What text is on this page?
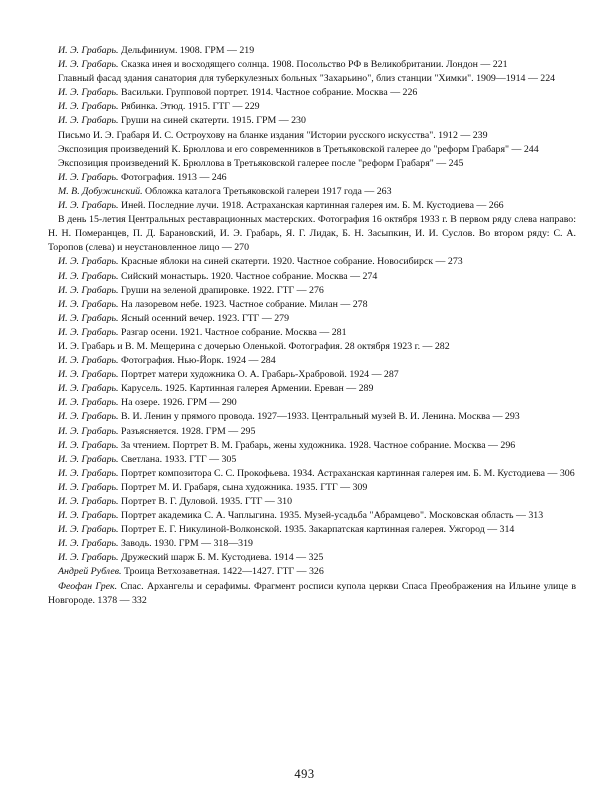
И. Э. Грабарь. Дельфиниум. 1908. ГРМ — 219

И. Э. Грабарь. Сказка инея и восходящего солнца. 1908. Посольство РФ в Великобритании. Лондон — 221

Главный фасад здания санатория для туберкулезных больных "Захарьино", близ станции "Химки". 1909—1914 — 224

И. Э. Грабарь. Васильки. Групповой портрет. 1914. Частное собрание. Москва — 226

И. Э. Грабарь. Рябинка. Этюд. 1915. ГТГ — 229

И. Э. Грабарь. Груши на синей скатерти. 1915. ГРМ — 230

Письмо И. Э. Грабаря И. С. Остроухову на бланке издания "Истории русского искусства". 1912 — 239

Экспозиция произведений К. Брюллова и его современников в Третьяковской галерее до "реформ Грабаря" — 244

Экспозиция произведений К. Брюллова в Третьяковской галерее после "реформ Грабаря" — 245

И. Э. Грабарь. Фотография. 1913 — 246

М. В. Добужинский. Обложка каталога Третьяковской галереи 1917 года — 263

И. Э. Грабарь. Иней. Последние лучи. 1918. Астраханская картинная галерея им. Б. М. Кустодиева — 266

В день 15-летия Центральных реставрационных мастерских. Фотография 16 октября 1933 г. В первом ряду слева направо: Н. Н. Померанцев, П. Д. Барановский, И. Э. Грабарь, Я. Г. Лидак, Б. Н. Засыпкин, И. И. Суслов. Во втором ряду: С. А. Торопов (слева) и неустановленное лицо — 270

И. Э. Грабарь. Красные яблоки на синей скатерти. 1920. Частное собрание. Новосибирск — 273

И. Э. Грабарь. Сийский монастырь. 1920. Частное собрание. Москва — 274

И. Э. Грабарь. Груши на зеленой драпировке. 1922. ГТГ — 276

И. Э. Грабарь. На лазоревом небе. 1923. Частное собрание. Милан — 278

И. Э. Грабарь. Ясный осенний вечер. 1923. ГТГ — 279

И. Э. Грабарь. Разгар осени. 1921. Частное собрание. Москва — 281

И. Э. Грабарь и В. М. Мещерина с дочерью Оленькой. Фотография. 28 октября 1923 г. — 282

И. Э. Грабарь. Фотография. Нью-Йорк. 1924 — 284

И. Э. Грабарь. Портрет матери художника О. А. Грабарь-Храбровой. 1924 — 287

И. Э. Грабарь. Карусель. 1925. Картинная галерея Армении. Ереван — 289

И. Э. Грабарь. На озере. 1926. ГРМ — 290

И. Э. Грабарь. В. И. Ленин у прямого провода. 1927—1933. Центральный музей В. И. Ленина. Москва — 293

И. Э. Грабарь. Разъясняется. 1928. ГРМ — 295

И. Э. Грабарь. За чтением. Портрет В. М. Грабарь, жены художника. 1928. Частное собрание. Москва — 296

И. Э. Грабарь. Светлана. 1933. ГТГ — 305

И. Э. Грабарь. Портрет композитора С. С. Прокофьева. 1934. Астраханская картинная галерея им. Б. М. Кустодиева — 306

И. Э. Грабарь. Портрет М. И. Грабаря, сына художника. 1935. ГТГ — 309

И. Э. Грабарь. Портрет В. Г. Дуловой. 1935. ГТГ — 310

И. Э. Грабарь. Портрет академика С. А. Чаплыгина. 1935. Музей-усадьба "Абрамцево". Московская область — 313

И. Э. Грабарь. Портрет Е. Г. Никулиной-Волконской. 1935. Закарпатская картинная галерея. Ужгород — 314

И. Э. Грабарь. Заводь. 1930. ГРМ — 318—319

И. Э. Грабарь. Дружеский шарж Б. М. Кустодиева. 1914 — 325

Андрей Рублев. Троица Ветхозаветная. 1422—1427. ГТГ — 326

Феофан Грек. Спас. Архангелы и серафимы. Фрагмент росписи купола церкви Спаса Преображения на Ильине улице в Новгороде. 1378 — 332

493
